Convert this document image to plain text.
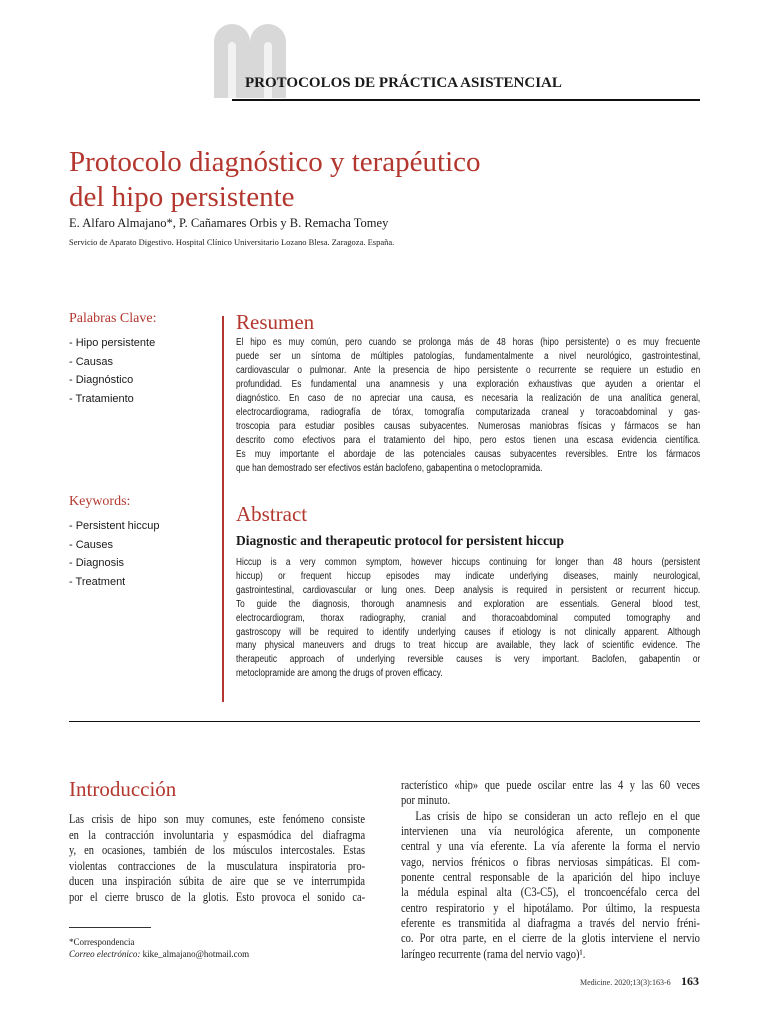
PROTOCOLOS DE PRÁCTICA ASISTENCIAL
Protocolo diagnóstico y terapéutico
del hipo persistente
E. Alfaro Almajano*, P. Cañamares Orbis y B. Remacha Tomey
Servicio de Aparato Digestivo. Hospital Clínico Universitario Lozano Blesa. Zaragoza. España.
Palabras Clave:
- Hipo persistente
- Causas
- Diagnóstico
- Tratamiento
Resumen
El hipo es muy común, pero cuando se prolonga más de 48 horas (hipo persistente) o es muy frecuente
puede ser un síntoma de múltiples patologías, fundamentalmente a nivel neurológico, gastrointestinal,
cardiovascular o pulmonar. Ante la presencia de hipo persistente o recurrente se requiere un estudio en
profundidad. Es fundamental una anamnesis y una exploración exhaustivas que ayuden a orientar el
diagnóstico. En caso de no apreciar una causa, es necesaria la realización de una analítica general,
electrocardiograma, radiografía de tórax, tomografía computarizada craneal y toracoabdominal y gas-
troscopia para estudiar posibles causas subyacentes. Numerosas maniobras físicas y fármacos se han
descrito como efectivos para el tratamiento del hipo, pero estos tienen una escasa evidencia científica.
Es muy importante el abordaje de las potenciales causas subyacentes reversibles. Entre los fármacos
que han demostrado ser efectivos están baclofeno, gabapentina o metoclopramida.
Keywords:
- Persistent hiccup
- Causes
- Diagnosis
- Treatment
Abstract
Diagnostic and therapeutic protocol for persistent hiccup
Hiccup is a very common symptom, however hiccups continuing for longer than 48 hours (persistent
hiccup) or frequent hiccup episodes may indicate underlying diseases, mainly neurological,
gastrointestinal, cardiovascular or lung ones. Deep analysis is required in persistent or recurrent hiccup.
To guide the diagnosis, thorough anamnesis and exploration are essentials. General blood test,
electrocardiogram, thorax radiography, cranial and thoracoabdominal computed tomography and
gastroscopy will be required to identify underlying causes if etiology is not clinically apparent. Although
many physical maneuvers and drugs to treat hiccup are available, they lack of scientific evidence. The
therapeutic approach of underlying reversible causes is very important. Baclofen, gabapentin or
metoclopramide are among the drugs of proven efficacy.
Introducción
Las crisis de hipo son muy comunes, este fenómeno consiste
en la contracción involuntaria y espasmódica del diafragma
y, en ocasiones, también de los músculos intercostales. Estas
violentas contracciones de la musculatura inspiratoria pro-
ducen una inspiración súbita de aire que se ve interrumpida
por el cierre brusco de la glotis. Esto provoca el sonido ca-
racterístico «hip» que puede oscilar entre las 4 y las 60 veces
por minuto.
Las crisis de hipo se consideran un acto reflejo en el que
intervienen una vía neurológica aferente, un componente
central y una vía eferente. La vía aferente la forma el nervio
vago, nervios frénicos o fibras nerviosas simpáticas. El com-
ponente central responsable de la aparición del hipo incluye
la médula espinal alta (C3-C5), el troncoencéfalo cerca del
centro respiratorio y el hipotálamo. Por último, la respuesta
eferente es transmitida al diafragma a través del nervio fréni-
co. Por otra parte, en el cierre de la glotis interviene el nervio
laríngeo recurrente (rama del nervio vago)¹.
*Correspondencia
Correo electrónico: kike_almajano@hotmail.com
Medicine. 2020;13(3):163-6 163
